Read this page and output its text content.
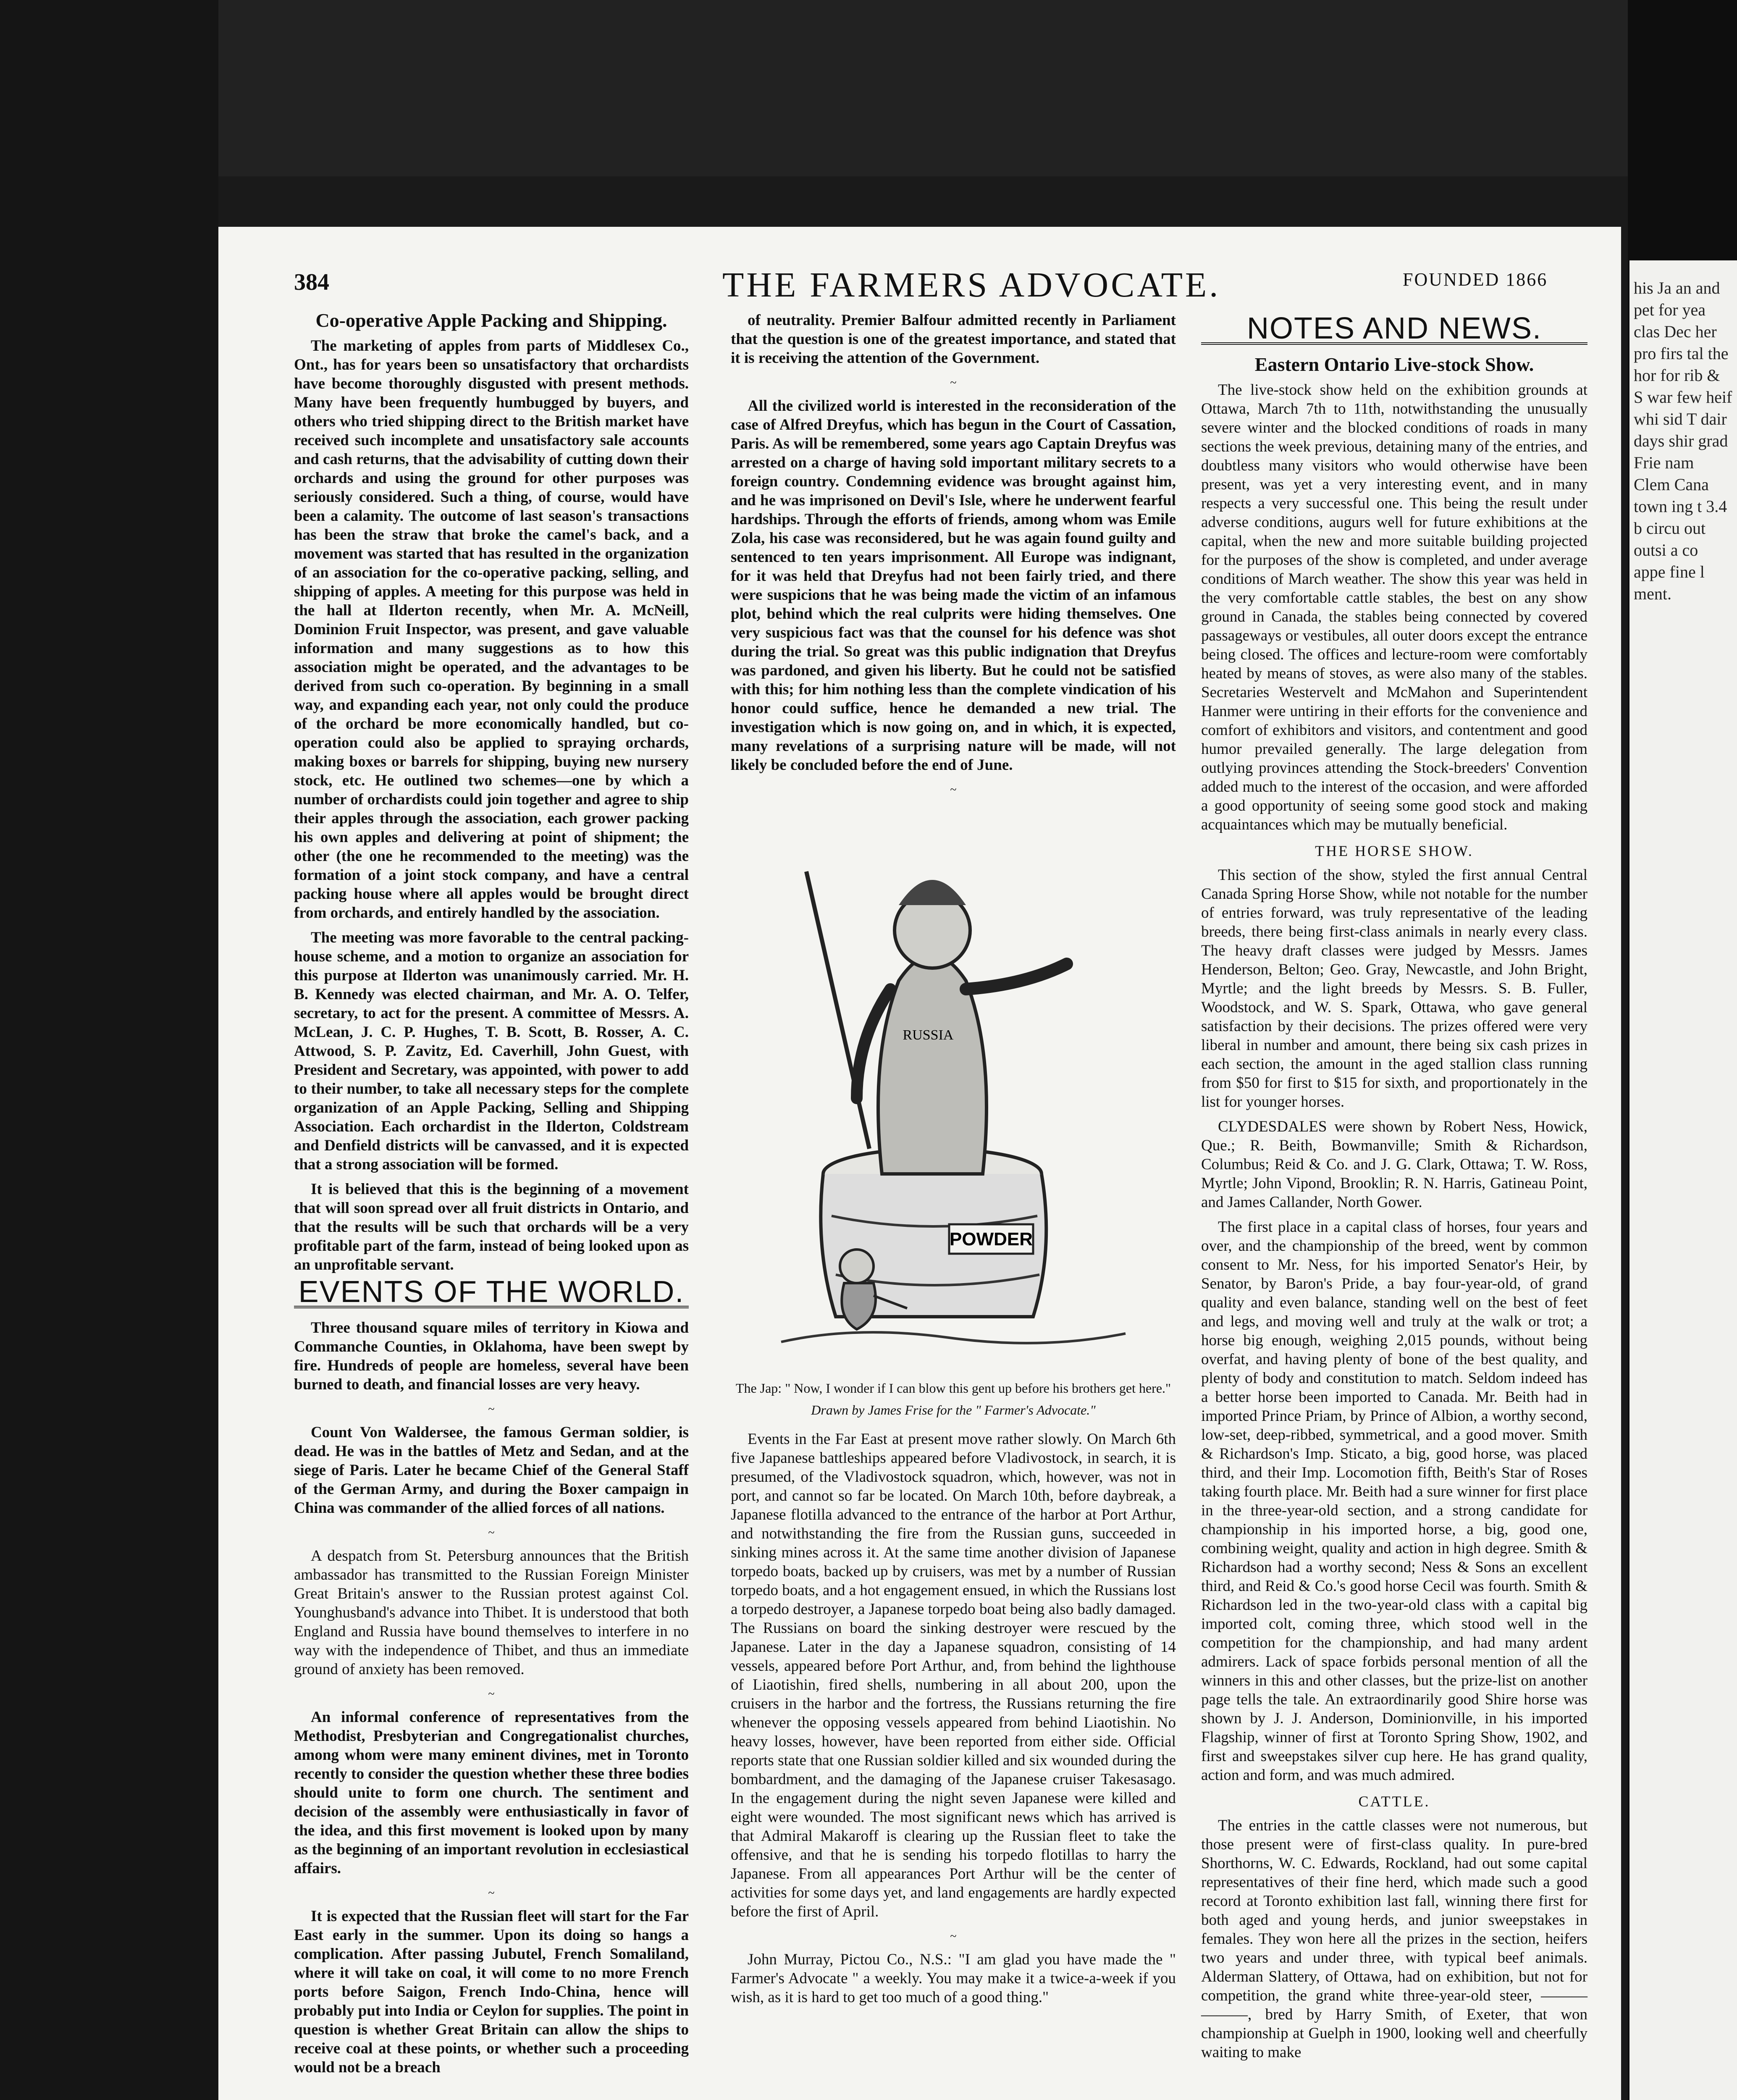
his Ja an and pet for yea clas Dec her pro firs tal the hor for rib & S war few heif whi sid T dair days shir grad Frie nam Clem Cana town ing t 3.4 b circu out outsi a co appe fine l ment.
384	THE FARMERS ADVOCATE.	FOUNDED 1866
Co-operative Apple Packing and Shipping.

The marketing of apples from parts of Middlesex Co., Ont., has for years been so unsatisfactory that orchardists have become thoroughly disgusted with present methods. Many have been frequently humbugged by buyers, and others who tried shipping direct to the British market have received such incomplete and unsatisfactory sale accounts and cash returns, that the advisability of cutting down their orchards and using the ground for other purposes was seriously considered. Such a thing, of course, would have been a calamity. The outcome of last season's transactions has been the straw that broke the camel's back, and a movement was started that has resulted in the organization of an association for the co-operative packing, selling, and shipping of apples. A meeting for this purpose was held in the hall at Ilderton recently, when Mr. A. McNeill, Dominion Fruit Inspector, was present, and gave valuable information and many suggestions as to how this association might be operated, and the advantages to be derived from such co-operation. By beginning in a small way, and expanding each year, not only could the produce of the orchard be more economically handled, but co-operation could also be applied to spraying orchards, making boxes or barrels for shipping, buying new nursery stock, etc. He outlined two schemes—one by which a number of orchardists could join together and agree to ship their apples through the association, each grower packing his own apples and delivering at point of shipment; the other (the one he recommended to the meeting) was the formation of a joint stock company, and have a central packing house where all apples would be brought direct from orchards, and entirely handled by the association.

The meeting was more favorable to the central packing-house scheme, and a motion to organize an association for this purpose at Ilderton was unanimously carried. Mr. H. B. Kennedy was elected chairman, and Mr. A. O. Telfer, secretary, to act for the present. A committee of Messrs. A. McLean, J. C. P. Hughes, T. B. Scott, B. Rosser, A. C. Attwood, S. P. Zavitz, Ed. Caverhill, John Guest, with President and Secretary, was appointed, with power to add to their number, to take all necessary steps for the complete organization of an Apple Packing, Selling and Shipping Association. Each orchardist in the Ilderton, Coldstream and Denfield districts will be canvassed, and it is expected that a strong association will be formed.

It is believed that this is the beginning of a movement that will soon spread over all fruit districts in Ontario, and that the results will be such that orchards will be a very profitable part of the farm, instead of being looked upon as an unprofitable servant.

EVENTS OF THE WORLD.

Three thousand square miles of territory in Kiowa and Commanche Counties, in Oklahoma, have been swept by fire. Hundreds of people are homeless, several have been burned to death, and financial losses are very heavy.

~

Count Von Waldersee, the famous German soldier, is dead. He was in the battles of Metz and Sedan, and at the siege of Paris. Later he became Chief of the General Staff of the German Army, and during the Boxer campaign in China was commander of the allied forces of all nations.

~

A despatch from St. Petersburg announces that the British ambassador has transmitted to the Russian Foreign Minister Great Britain's answer to the Russian protest against Col. Younghusband's advance into Thibet. It is understood that both England and Russia have bound themselves to interfere in no way with the independence of Thibet, and thus an immediate ground of anxiety has been removed.

~

An informal conference of representatives from the Methodist, Presbyterian and Congregationalist churches, among whom were many eminent divines, met in Toronto recently to consider the question whether these three bodies should unite to form one church. The sentiment and decision of the assembly were enthusiastically in favor of the idea, and this first movement is looked upon by many as the beginning of an important revolution in ecclesiastical affairs.

~

It is expected that the Russian fleet will start for the Far East early in the summer. Upon its doing so hangs a complication. After passing Jubutel, French Somaliland, where it will take on coal, it will come to no more French ports before Saigon, French Indo-China, hence will probably put into India or Ceylon for supplies. The point in question is whether Great Britain can allow the ships to receive coal at these points, or whether such a proceeding would not be a breach

of neutrality. Premier Balfour admitted recently in Parliament that the question is one of the greatest importance, and stated that it is receiving the attention of the Government.

~

All the civilized world is interested in the reconsideration of the case of Alfred Dreyfus, which has begun in the Court of Cassation, Paris. As will be remembered, some years ago Captain Dreyfus was arrested on a charge of having sold important military secrets to a foreign country. Condemning evidence was brought against him, and he was imprisoned on Devil's Isle, where he underwent fearful hardships. Through the efforts of friends, among whom was Emile Zola, his case was reconsidered, but he was again found guilty and sentenced to ten years imprisonment. All Europe was indignant, for it was held that Dreyfus had not been fairly tried, and there were suspicions that he was being made the victim of an infamous plot, behind which the real culprits were hiding themselves. One very suspicious fact was that the counsel for his defence was shot during the trial. So great was this public indignation that Dreyfus was pardoned, and given his liberty. But he could not be satisfied with this; for him nothing less than the complete vindication of his honor could suffice, hence he demanded a new trial. The investigation which is now going on, and in which, it is expected, many revelations of a surprising nature will be made, will not likely be concluded before the end of June.

~
POWDER
RUSSIA
The Jap: " Now, I wonder if I can blow this gent up before his brothers get here."
Drawn by James Frise for the " Farmer's Advocate."

Events in the Far East at present move rather slowly. On March 6th five Japanese battleships appeared before Vladivostock, in search, it is presumed, of the Vladivostock squadron, which, however, was not in port, and cannot so far be located. On March 10th, before daybreak, a Japanese flotilla advanced to the entrance of the harbor at Port Arthur, and notwithstanding the fire from the Russian guns, succeeded in sinking mines across it. At the same time another division of Japanese torpedo boats, backed up by cruisers, was met by a number of Russian torpedo boats, and a hot engagement ensued, in which the Russians lost a torpedo destroyer, a Japanese torpedo boat being also badly damaged. The Russians on board the sinking destroyer were rescued by the Japanese. Later in the day a Japanese squadron, consisting of 14 vessels, appeared before Port Arthur, and, from behind the lighthouse of Liaotishin, fired shells, numbering in all about 200, upon the cruisers in the harbor and the fortress, the Russians returning the fire whenever the opposing vessels appeared from behind Liaotishin. No heavy losses, however, have been reported from either side. Official reports state that one Russian soldier killed and six wounded during the bombardment, and the damaging of the Japanese cruiser Takesasago. In the engagement during the night seven Japanese were killed and eight were wounded. The most significant news which has arrived is that Admiral Makaroff is clearing up the Russian fleet to take the offensive, and that he is sending his torpedo flotillas to harry the Japanese. From all appearances Port Arthur will be the center of activities for some days yet, and land engagements are hardly expected before the first of April.

~

John Murray, Pictou Co., N.S.: "I am glad you have made the " Farmer's Advocate " a weekly. You may make it a twice-a-week if you wish, as it is hard to get too much of a good thing."

NOTES AND NEWS.
Eastern Ontario Live-stock Show.

The live-stock show held on the exhibition grounds at Ottawa, March 7th to 11th, notwithstanding the unusually severe winter and the blocked conditions of roads in many sections the week previous, detaining many of the entries, and doubtless many visitors who would otherwise have been present, was yet a very interesting event, and in many respects a very successful one. This being the result under adverse conditions, augurs well for future exhibitions at the capital, when the new and more suitable building projected for the purposes of the show is completed, and under average conditions of March weather. The show this year was held in the very comfortable cattle stables, the best on any show ground in Canada, the stables being connected by covered passageways or vestibules, all outer doors except the entrance being closed. The offices and lecture-room were comfortably heated by means of stoves, as were also many of the stables. Secretaries Westervelt and McMahon and Superintendent Hanmer were untiring in their efforts for the convenience and comfort of exhibitors and visitors, and contentment and good humor prevailed generally. The large delegation from outlying provinces attending the Stock-breeders' Convention added much to the interest of the occasion, and were afforded a good opportunity of seeing some good stock and making acquaintances which may be mutually beneficial.

THE HORSE SHOW.

This section of the show, styled the first annual Central Canada Spring Horse Show, while not notable for the number of entries forward, was truly representative of the leading breeds, there being first-class animals in nearly every class. The heavy draft classes were judged by Messrs. James Henderson, Belton; Geo. Gray, Newcastle, and John Bright, Myrtle; and the light breeds by Messrs. S. B. Fuller, Woodstock, and W. S. Spark, Ottawa, who gave general satisfaction by their decisions. The prizes offered were very liberal in number and amount, there being six cash prizes in each section, the amount in the aged stallion class running from $50 for first to $15 for sixth, and proportionately in the list for younger horses.

CLYDESDALES were shown by Robert Ness, Howick, Que.; R. Beith, Bowmanville; Smith & Richardson, Columbus; Reid & Co. and J. G. Clark, Ottawa; T. W. Ross, Myrtle; John Vipond, Brooklin; R. N. Harris, Gatineau Point, and James Callander, North Gower.

The first place in a capital class of horses, four years and over, and the championship of the breed, went by common consent to Mr. Ness, for his imported Senator's Heir, by Senator, by Baron's Pride, a bay four-year-old, of grand quality and even balance, standing well on the best of feet and legs, and moving well and truly at the walk or trot; a horse big enough, weighing 2,015 pounds, without being overfat, and having plenty of bone of the best quality, and plenty of body and constitution to match. Seldom indeed has a better horse been imported to Canada. Mr. Beith had in imported Prince Priam, by Prince of Albion, a worthy second, low-set, deep-ribbed, symmetrical, and a good mover. Smith & Richardson's Imp. Sticato, a big, good horse, was placed third, and their Imp. Locomotion fifth, Beith's Star of Roses taking fourth place. Mr. Beith had a sure winner for first place in the three-year-old section, and a strong candidate for championship in his imported horse, a big, good one, combining weight, quality and action in high degree. Smith & Richardson had a worthy second; Ness & Sons an excellent third, and Reid & Co.'s good horse Cecil was fourth. Smith & Richardson led in the two-year-old class with a capital big imported colt, coming three, which stood well in the competition for the championship, and had many ardent admirers. Lack of space forbids personal mention of all the winners in this and other classes, but the prize-list on another page tells the tale. An extraordinarily good Shire horse was shown by J. J. Anderson, Dominionville, in his imported Flagship, winner of first at Toronto Spring Show, 1902, and first and sweepstakes silver cup here. He has grand quality, action and form, and was much admired.

CATTLE.

The entries in the cattle classes were not numerous, but those present were of first-class quality. In pure-bred Shorthorns, W. C. Edwards, Rockland, had out some capital representatives of their fine herd, which made such a good record at Toronto exhibition last fall, winning there first for both aged and young herds, and junior sweepstakes in females. They won here all the prizes in the section, heifers two years and under three, with typical beef animals. Alderman Slattery, of Ottawa, had on exhibition, but not for competition, the grand white three-year-old steer, ——— ———, bred by Harry Smith, of Exeter, that won championship at Guelph in 1900, looking well and cheerfully waiting to make
